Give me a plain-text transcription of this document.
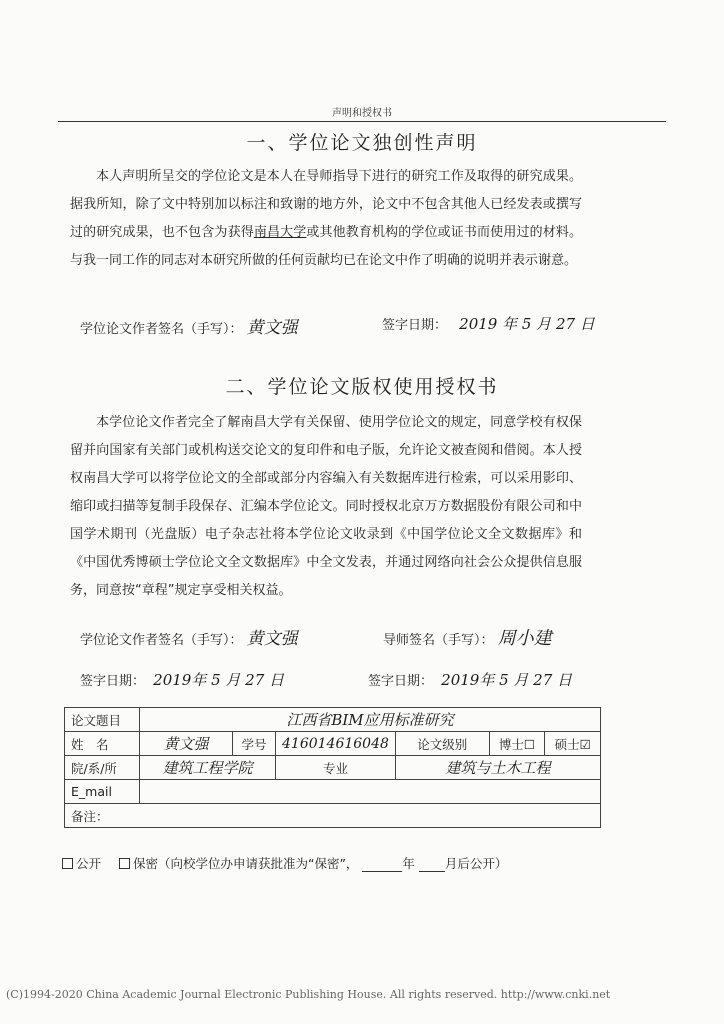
声明和授权书
一、学位论文独创性声明
本人声明所呈交的学位论文是本人在导师指导下进行的研究工作及取得的研究成果。据我所知，除了文中特别加以标注和致谢的地方外，论文中不包含其他人已经发表或撰写过的研究成果，也不包含为获得南昌大学或其他教育机构的学位或证书而使用过的材料。与我一同工作的同志对本研究所做的任何贡献均已在论文中作了明确的说明并表示谢意。
学位论文作者签名（手写）： 黄文强	签字日期： 2019 年 5 月 27 日
二、学位论文版权使用授权书
本学位论文作者完全了解南昌大学有关保留、使用学位论文的规定，同意学校有权保留并向国家有关部门或机构送交论文的复印件和电子版，允许论文被查阅和借阅。本人授权南昌大学可以将学位论文的全部或部分内容编入有关数据库进行检索，可以采用影印、缩印或扫描等复制手段保存、汇编本学位论文。同时授权北京万方数据股份有限公司和中国学术期刊（光盘版）电子杂志社将本学位论文收录到《中国学位论文全文数据库》和《中国优秀博硕士学位论文全文数据库》中全文发表，并通过网络向社会公众提供信息服务，同意按“章程”规定享受相关权益。
学位论文作者签名（手写）： 黄文强	导师签名（手写）： 周小建
签字日期： 2019年 5 月 27 日	签字日期： 2019年 5 月 27 日
论文题目	江西省BIM应用标准研究					
姓　名	黄文强	学号	416014616048	论文级别	博士☐	硕士☑
院/系/所	建筑工程学院		专业	建筑与土木工程		
E_mail						
备注：						
公开	保密（向校学位办申请获批准为“保密”，	年 月后公开）
(C)1994-2020 China Academic Journal Electronic Publishing House. All rights reserved. http://www.cnki.net
